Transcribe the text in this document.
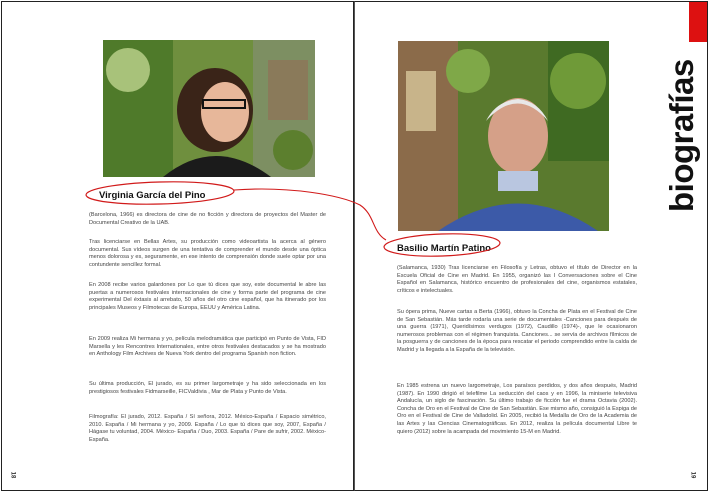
Virginia García del Pino

(Barcelona, 1966) es directora de cine de no ficción y directora de proyectos del Master de Documental Creativo de la UAB.

Tras licenciarse en Bellas Artes, su producción como videoartista la acerca al género documental. Sus vídeos surgen de una tentativa de comprender el mundo desde una óptica menos dolorosa y es, seguramente, en ese intento de comprensión donde suele optar por una contundente sencillez formal.

En 2008 recibe varios galardones por Lo que tú dices que soy, este documental le abre las puertas a numerosos festivales internacionales de cine y forma parte del programa de cine experimental Del éxtasis al arrebato, 50 años del otro cine español, que ha itinerado por los principales Museos y Filmotecas de Europa, EEUU y América Latina.

En 2009 realiza Mi hermana y yo, película melodramática que participó en Punto de Vista, FID Marsella y les Rencontres Internationales, entre otros festivales destacados y se ha mostrado en Anthology Film Archives de Nueva York dentro del programa Spanish non fiction.

Su última producción, El jurado, es su primer largometraje y ha sido seleccionada en los prestigiosos festivales Fidmarseille, FICValdivia , Mar de Plata y Punto de Vista.

Filmografía: El jurado, 2012. España / Sí señora, 2012. México-España / Espacio simétrico, 2010. España / Mi hermana y yo, 2009. España / Lo que tú dices que soy, 2007, España / Hágase tu voluntad, 2004. México- España / Duo, 2003. España / Pare de sufrir, 2002. México- España.

18
Basilio Martín Patino

(Salamanca, 1930) Tras licenciarse en Filosofía y Letras, obtuvo el título de Director en la Escuela Oficial de Cine en Madrid. En 1955, organizó las I Conversaciones sobre el Cine Español en Salamanca, histórico encuentro de profesionales del cine, organismos estatales, críticos e intelectuales.

Su ópera prima, Nueve cartas a Berta (1966), obtuvo la Concha de Plata en el Festival de Cine de San Sebastián. Más tarde rodaría una serie de documentales -Canciones para después de una guerra (1971), Queridísimos verdugos (1972), Caudillo (1974)-, que le ocasionaron numerosos problemas con el régimen franquista. Canciones... se servía de archivos fílmicos de la posguerra y de canciones de la época para rescatar el periodo comprendido entre la caída de Madrid y la llegada a la España de la televisión.

En 1985 estrena un nuevo largometraje, Los paraísos perdidos, y dos años después, Madrid (1987). En 1990 dirigió el telefilme La seducción del caos y en 1996, la miniserie televisiva Andalucía, un siglo de fascinación. Su último trabajo de ficción fue el drama Octavia (2002). Concha de Oro en el Festival de Cine de San Sebastián. Ese mismo año, consiguió la Espiga de Oro en el Festival de Cine de Valladolid. En 2005, recibió la Medalla de Oro de la Academia de las Artes y las Ciencias Cinematográficas. En 2012, realiza la película documental Libre te quiero (2012) sobre la acampada del movimiento 15-M en Madrid.

biografías
19
